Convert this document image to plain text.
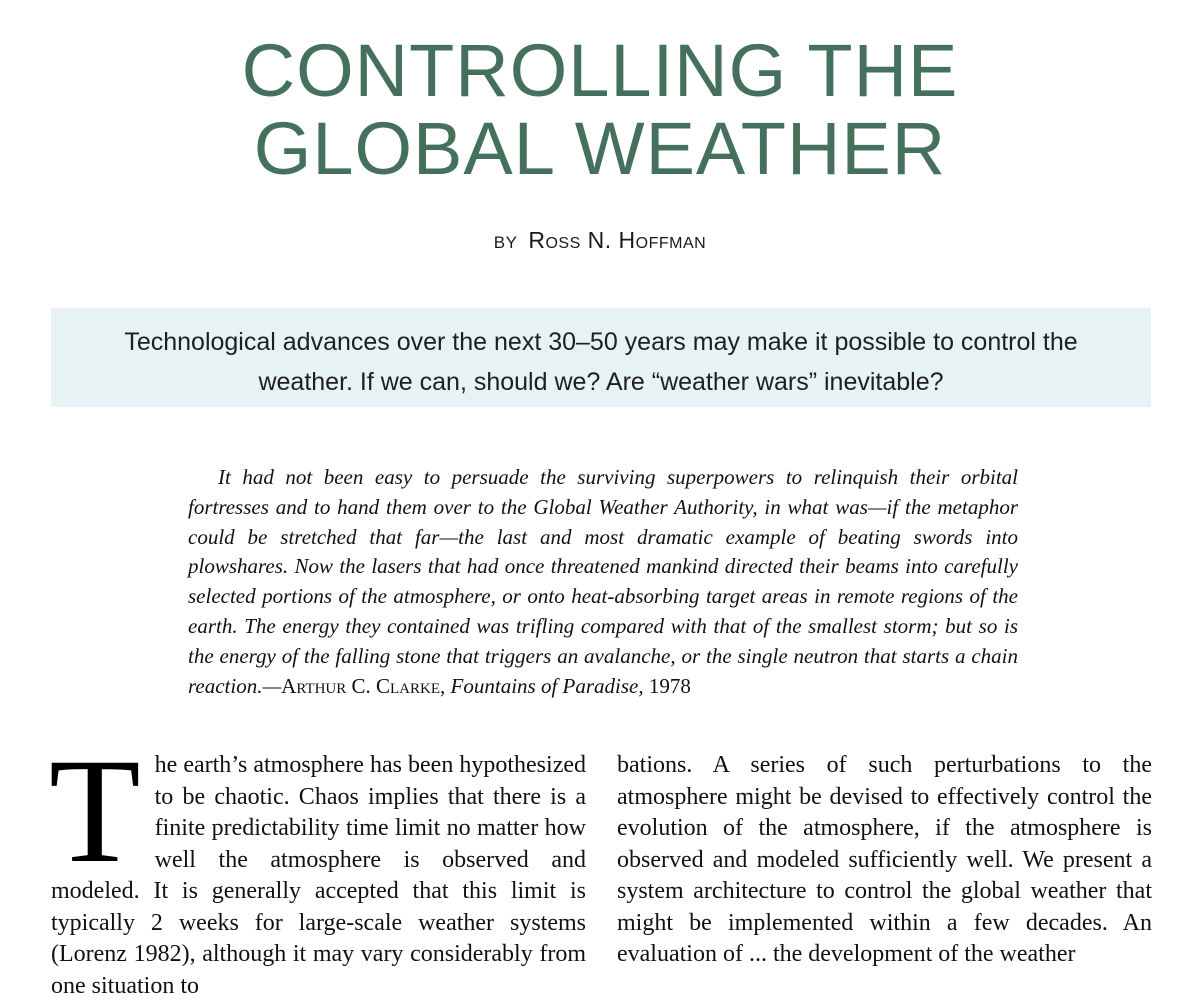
CONTROLLING THE
GLOBAL WEATHER
BY Ross N. Hoffman
Technological advances over the next 30–50 years may make it possible to control the weather. If we can, should we? Are “weather wars” inevitable?
It had not been easy to persuade the surviving superpowers to relinquish their orbital fortresses and to hand them over to the Global Weather Authority, in what was—if the metaphor could be stretched that far—the last and most dramatic example of beating swords into plowshares. Now the lasers that had once threatened mankind directed their beams into carefully selected portions of the atmosphere, or onto heat-absorbing target areas in remote regions of the earth. The energy they contained was trifling compared with that of the smallest storm; but so is the energy of the falling stone that triggers an avalanche, or the single neutron that starts a chain reaction.—Arthur C. Clarke, Fountains of Paradise, 1978
T he earth’s atmosphere has been hypothesized to be chaotic. Chaos implies that there is a finite predictability time limit no matter how well the atmosphere is observed and modeled. It is generally accepted that this limit is typically 2 weeks for large-scale weather systems (Lorenz 1982), although it may vary considerably from one situation to
bations. A series of such perturbations to the atmosphere might be devised to effectively control the evolution of the atmosphere, if the atmosphere is observed and modeled sufficiently well. We present a system architecture to control the global weather that might be implemented within a few decades. An evaluation of ... the development of the weather
